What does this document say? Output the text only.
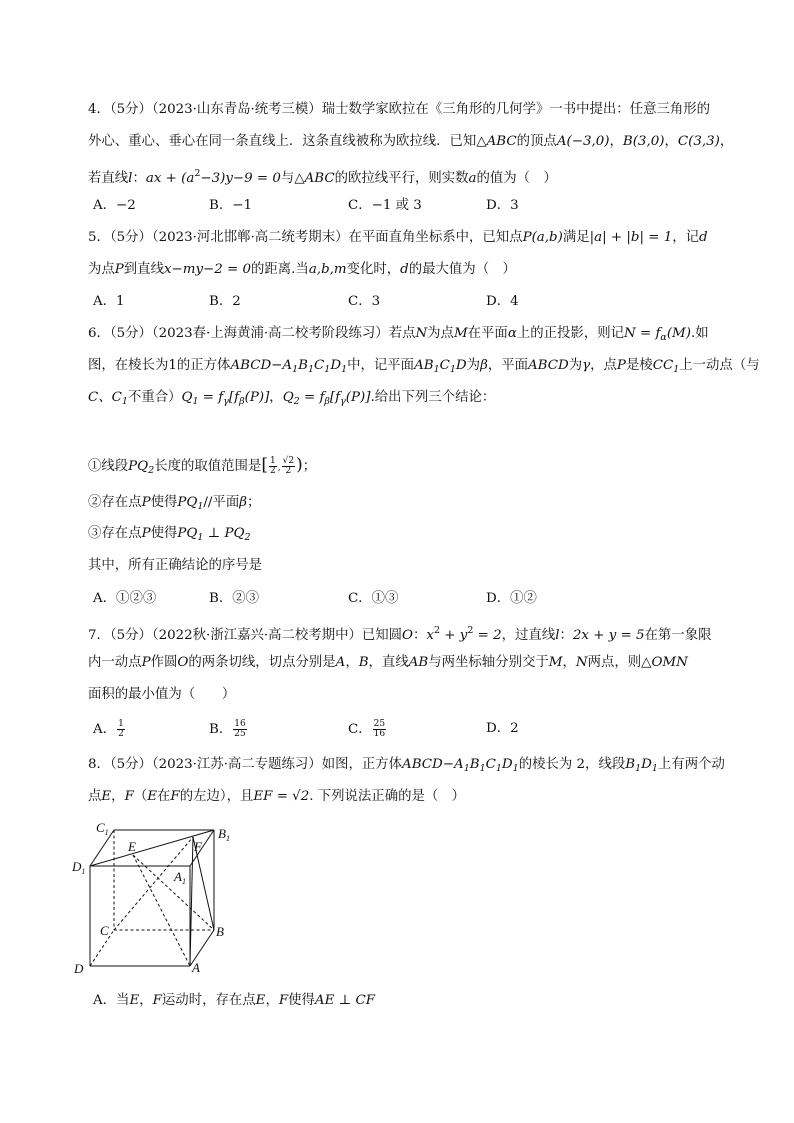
4．（5分）（2023·山东青岛·统考三模）瑞士数学家欧拉在《三角形的几何学》一书中提出：任意三角形的
外心、重心、垂心在同一条直线上．这条直线被称为欧拉线．已知△ABC的顶点A(−3,0)，B(3,0)，C(3,3)，
若直线l：ax + $(a^2-3)y-9 = 0$与△ABC的欧拉线平行，则实数a的值为（　）
A．−2	B．−1	C．−1 或 3	D．3
5．（5分）（2023·河北邯郸·高二统考期末）在平面直角坐标系中，已知点P(a,b)满足|a| + |b| = 1，记d
为点P到直线x−my−2 = 0的距离.当a,b,m变化时，d的最大值为（　）
A．1	B．2	C．3	D．4
6．（5分）（2023春·上海黄浦·高二校考阶段练习）若点N为点M在平面α上的正投影，则记$N = f_\alpha(M)$.如
图，在棱长为1的正方体$ABCD-A_1B_1C_1D_1$中，记平面$AB_1C_1D$为β，平面ABCD为γ，点P是棱$CC_1$上一动点（与
C、$C_1$不重合）$Q_1 = f_\gamma[f_\beta(P)]$，$Q_2 = f_\beta[f_\gamma(P)]$.给出下列三个结论：
①线段$PQ_2$长度的取值范围是[ $\frac{1}{2}$ , $\frac{√2}{2}$ )；
②存在点P使得$PQ_1//$平面β；
③存在点P使得$PQ_1$ ⊥ $PQ_2$
其中，所有正确结论的序号是
A．①②③	B．②③	C．①③	D．①②
7．（5分）（2022秋·浙江嘉兴·高二校考期中）已知圆O：$x^2 + y^2 = 2$，过直线l：2x + y = 5在第一象限
内一动点P作圆O的两条切线，切点分别是A，B，直线AB与两坐标轴分别交于M，N两点，则△OMN
面积的最小值为（　　）
A． $\frac{1}{2}$	B． $\frac{16}{25}$	C． $\frac{25}{16}$	D．2
8．（5分）（2023·江苏·高二专题练习）如图，正方体$ABCD-A_1B_1C_1D_1$的棱长为 2，线段$B_1D_1$上有两个动
点E，F（E在F的左边），且EF = √2. 下列说法正确的是（　）
$C_1$	$B_1$
$D_1$	$A_1$
E	F
C	B
D	A
A．当E，F运动时，存在点E，F使得AE ⊥ CF
